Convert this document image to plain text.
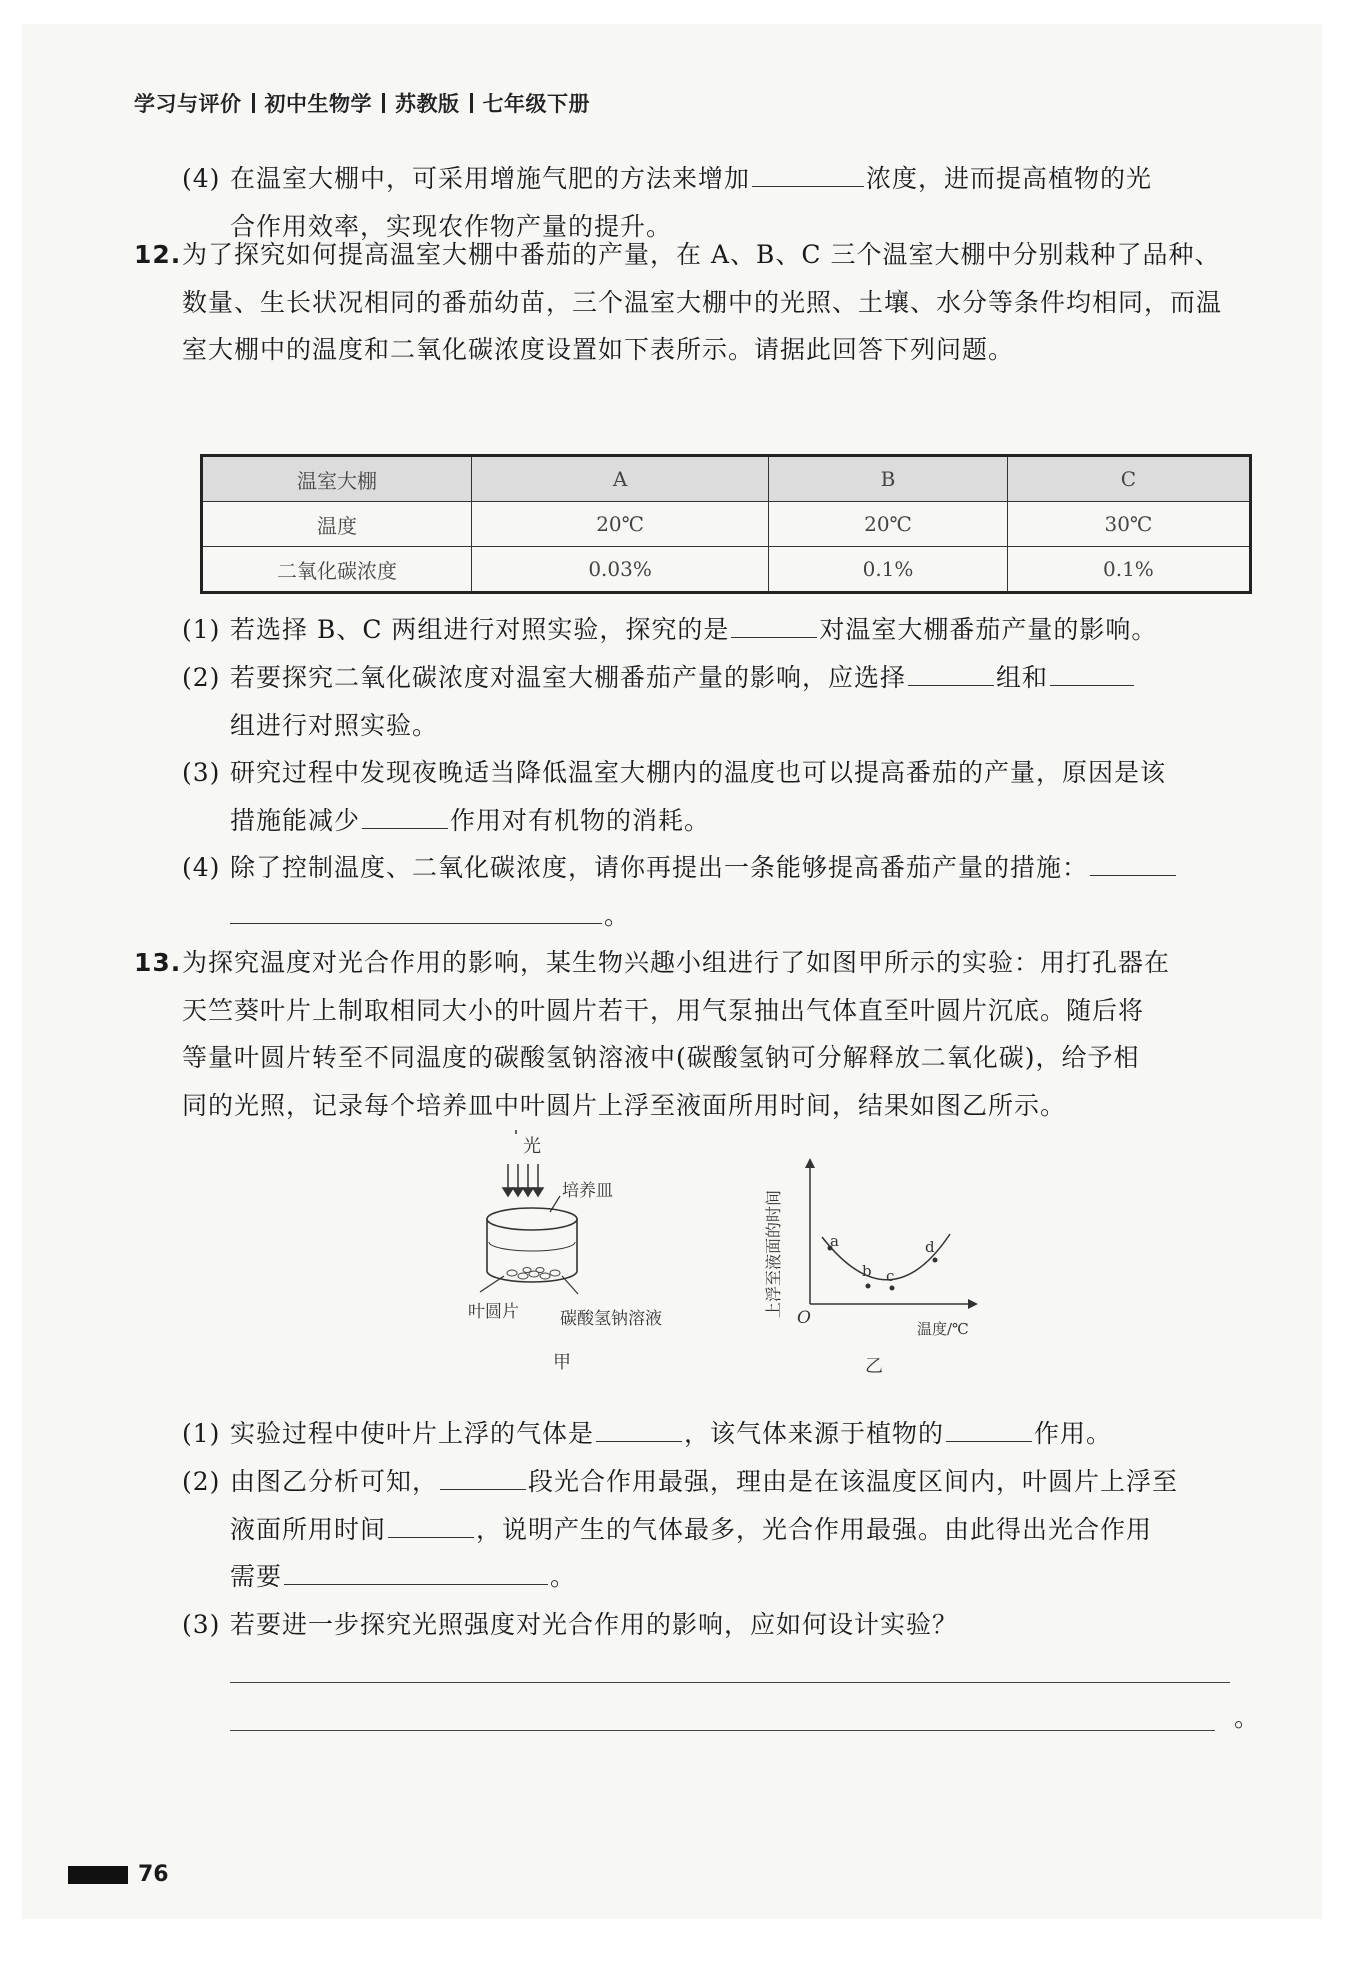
学习与评价 初中生物学 苏教版 七年级下册
(4) 在温室大棚中，可采用增施气肥的方法来增加	浓度，进而提高植物的光
合作用效率，实现农作物产量的提升。
12. 为了探究如何提高温室大棚中番茄的产量，在 A、B、C 三个温室大棚中分别栽种了品种、
数量、生长状况相同的番茄幼苗，三个温室大棚中的光照、土壤、水分等条件均相同，而温
室大棚中的温度和二氧化碳浓度设置如下表所示。请据此回答下列问题。
温室大棚	A	B	C
温度	20℃	20℃	30℃
二氧化碳浓度	0.03%	0.1%	0.1%
(1) 若选择 B、C 两组进行对照实验，探究的是	对温室大棚番茄产量的影响。
(2) 若要探究二氧化碳浓度对温室大棚番茄产量的影响，应选择	组和
组进行对照实验。
(3) 研究过程中发现夜晚适当降低温室大棚内的温度也可以提高番茄的产量，原因是该
措施能减少	作用对有机物的消耗。
(4) 除了控制温度、二氧化碳浓度，请你再提出一条能够提高番茄产量的措施：
。
13. 为探究温度对光合作用的影响，某生物兴趣小组进行了如图甲所示的实验：用打孔器在
天竺葵叶片上制取相同大小的叶圆片若干，用气泵抽出气体直至叶圆片沉底。随后将
等量叶圆片转至不同温度的碳酸氢钠溶液中(碳酸氢钠可分解释放二氧化碳)，给予相
同的光照，记录每个培养皿中叶圆片上浮至液面所用时间，结果如图乙所示。
光
培养皿
叶圆片 碳酸氢钠溶液
甲
上浮至液面的时间 O
温度/℃
a
b c
d
乙
(1) 实验过程中使叶片上浮的气体是	，该气体来源于植物的	作用。
(2) 由图乙分析可知，	段光合作用最强，理由是在该温度区间内，叶圆片上浮至
液面所用时间	，说明产生的气体最多，光合作用最强。由此得出光合作用
需要	。
(3) 若要进一步探究光照强度对光合作用的影响，应如何设计实验？
。
76
